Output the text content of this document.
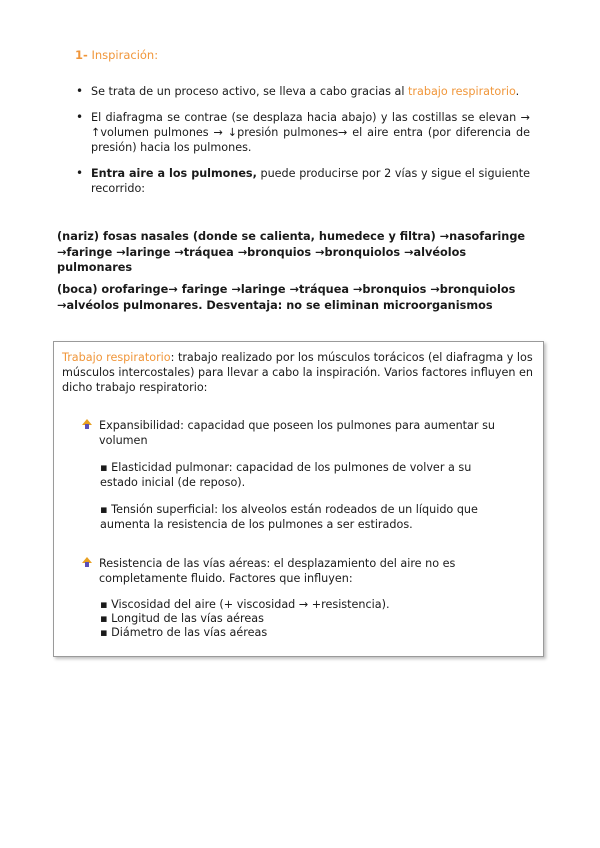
1- Inspiración:
• Se trata de un proceso activo, se lleva a cabo gracias al trabajo respiratorio.
• El diafragma se contrae (se desplaza hacia abajo) y las costillas se elevan → ↑volumen pulmones → ↓presión pulmones→ el aire entra (por diferencia de presión) hacia los pulmones.
• Entra aire a los pulmones, puede producirse por 2 vías y sigue el siguiente recorrido:
(nariz) fosas nasales (donde se calienta, humedece y filtra) →nasofaringe →faringe →laringe →tráquea →bronquios →bronquiolos →alvéolos pulmonares
(boca) orofaringe→ faringe →laringe →tráquea →bronquios →bronquiolos →alvéolos pulmonares. Desventaja: no se eliminan microorganismos
Trabajo respiratorio: trabajo realizado por los músculos torácicos (el diafragma y los músculos intercostales) para llevar a cabo la inspiración. Varios factores influyen en dicho trabajo respiratorio:
Expansibilidad: capacidad que poseen los pulmones para aumentar su volumen
▪ Elasticidad pulmonar: capacidad de los pulmones de volver a su estado inicial (de reposo).
▪ Tensión superficial: los alveolos están rodeados de un líquido que aumenta la resistencia de los pulmones a ser estirados.
Resistencia de las vías aéreas: el desplazamiento del aire no es completamente fluido. Factores que influyen:
▪ Viscosidad del aire (+ viscosidad → +resistencia).
▪ Longitud de las vías aéreas
▪ Diámetro de las vías aéreas
